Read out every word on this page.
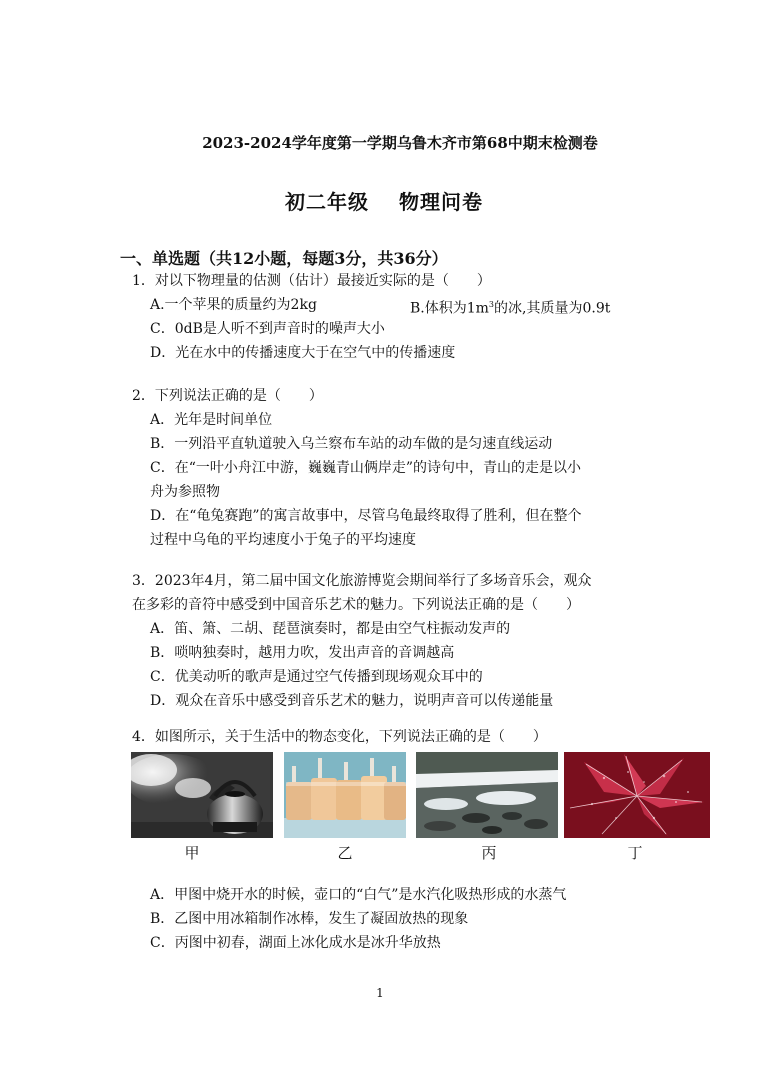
2023-2024学年度第一学期乌鲁木齐市第68中期末检测卷
初二年级 物理问卷
一、单选题（共12小题，每题3分，共36分）
1．对以下物理量的估测（估计）最接近实际的是（　　）
A.一个苹果的质量约为2kg	B.体积为$1m^3$的冰,其质量为0.9t
C．0dB是人听不到声音时的噪声大小
D．光在水中的传播速度大于在空气中的传播速度
2．下列说法正确的是（　　）
A．光年是时间单位
B．一列沿平直轨道驶入乌兰察布车站的动车做的是匀速直线运动
C．在“一叶小舟江中游，巍巍青山俩岸走”的诗句中，青山的走是以小
舟为参照物
D．在“龟兔赛跑”的寓言故事中，尽管乌龟最终取得了胜利，但在整个
过程中乌龟的平均速度小于兔子的平均速度
3．2023年4月，第二届中国文化旅游博览会期间举行了多场音乐会，观众
在多彩的音符中感受到中国音乐艺术的魅力。下列说法正确的是（　　）
A．笛、箫、二胡、琵琶演奏时，都是由空气柱振动发声的
B．唢呐独奏时，越用力吹，发出声音的音调越高
C．优美动听的歌声是通过空气传播到现场观众耳中的
D．观众在音乐中感受到音乐艺术的魅力，说明声音可以传递能量
4．如图所示，关于生活中的物态变化，下列说法正确的是（　　）
甲	乙	丙	丁
A．甲图中烧开水的时候，壶口的“白气”是水汽化吸热形成的水蒸气
B．乙图中用冰箱制作冰棒，发生了凝固放热的现象
C．丙图中初春，湖面上冰化成水是冰升华放热
1
